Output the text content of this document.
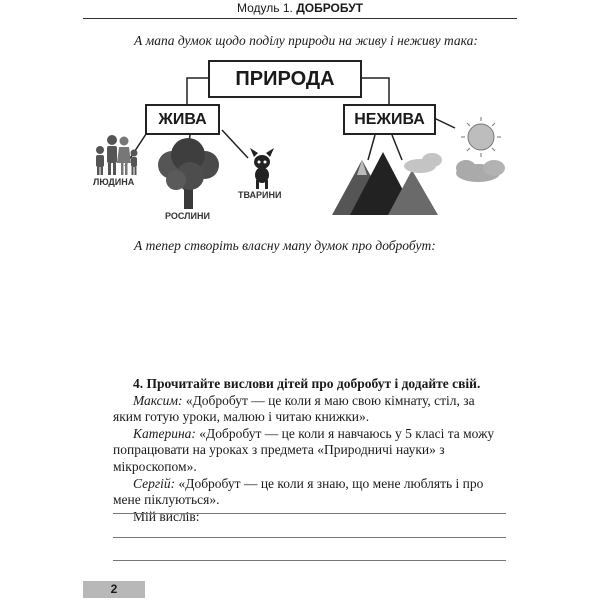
Модуль 1. ДОБРОБУТ
А мапа думок щодо поділу природи на живу і неживу така:
ПРИРОДА
ЖИВА	НЕЖИВА
ЛЮДИНА
РОСЛИНИ
ТВАРИНИ
А тепер створіть власну мапу думок про добробут:

4. Прочитайте вислови дітей про добробут і додайте свій.

Максим: «Добробут — це коли я маю свою кімнату, стіл, за яким готую уроки, малюю і читаю книжки».

Катерина: «Добробут — це коли я навчаюсь у 5 класі та можу попрацювати на уроках з предмета «Природничі науки» з мікроскопом».

Сергій: «Добробут — це коли я знаю, що мене люблять і про мене піклуються».

Мій вислів:

2
